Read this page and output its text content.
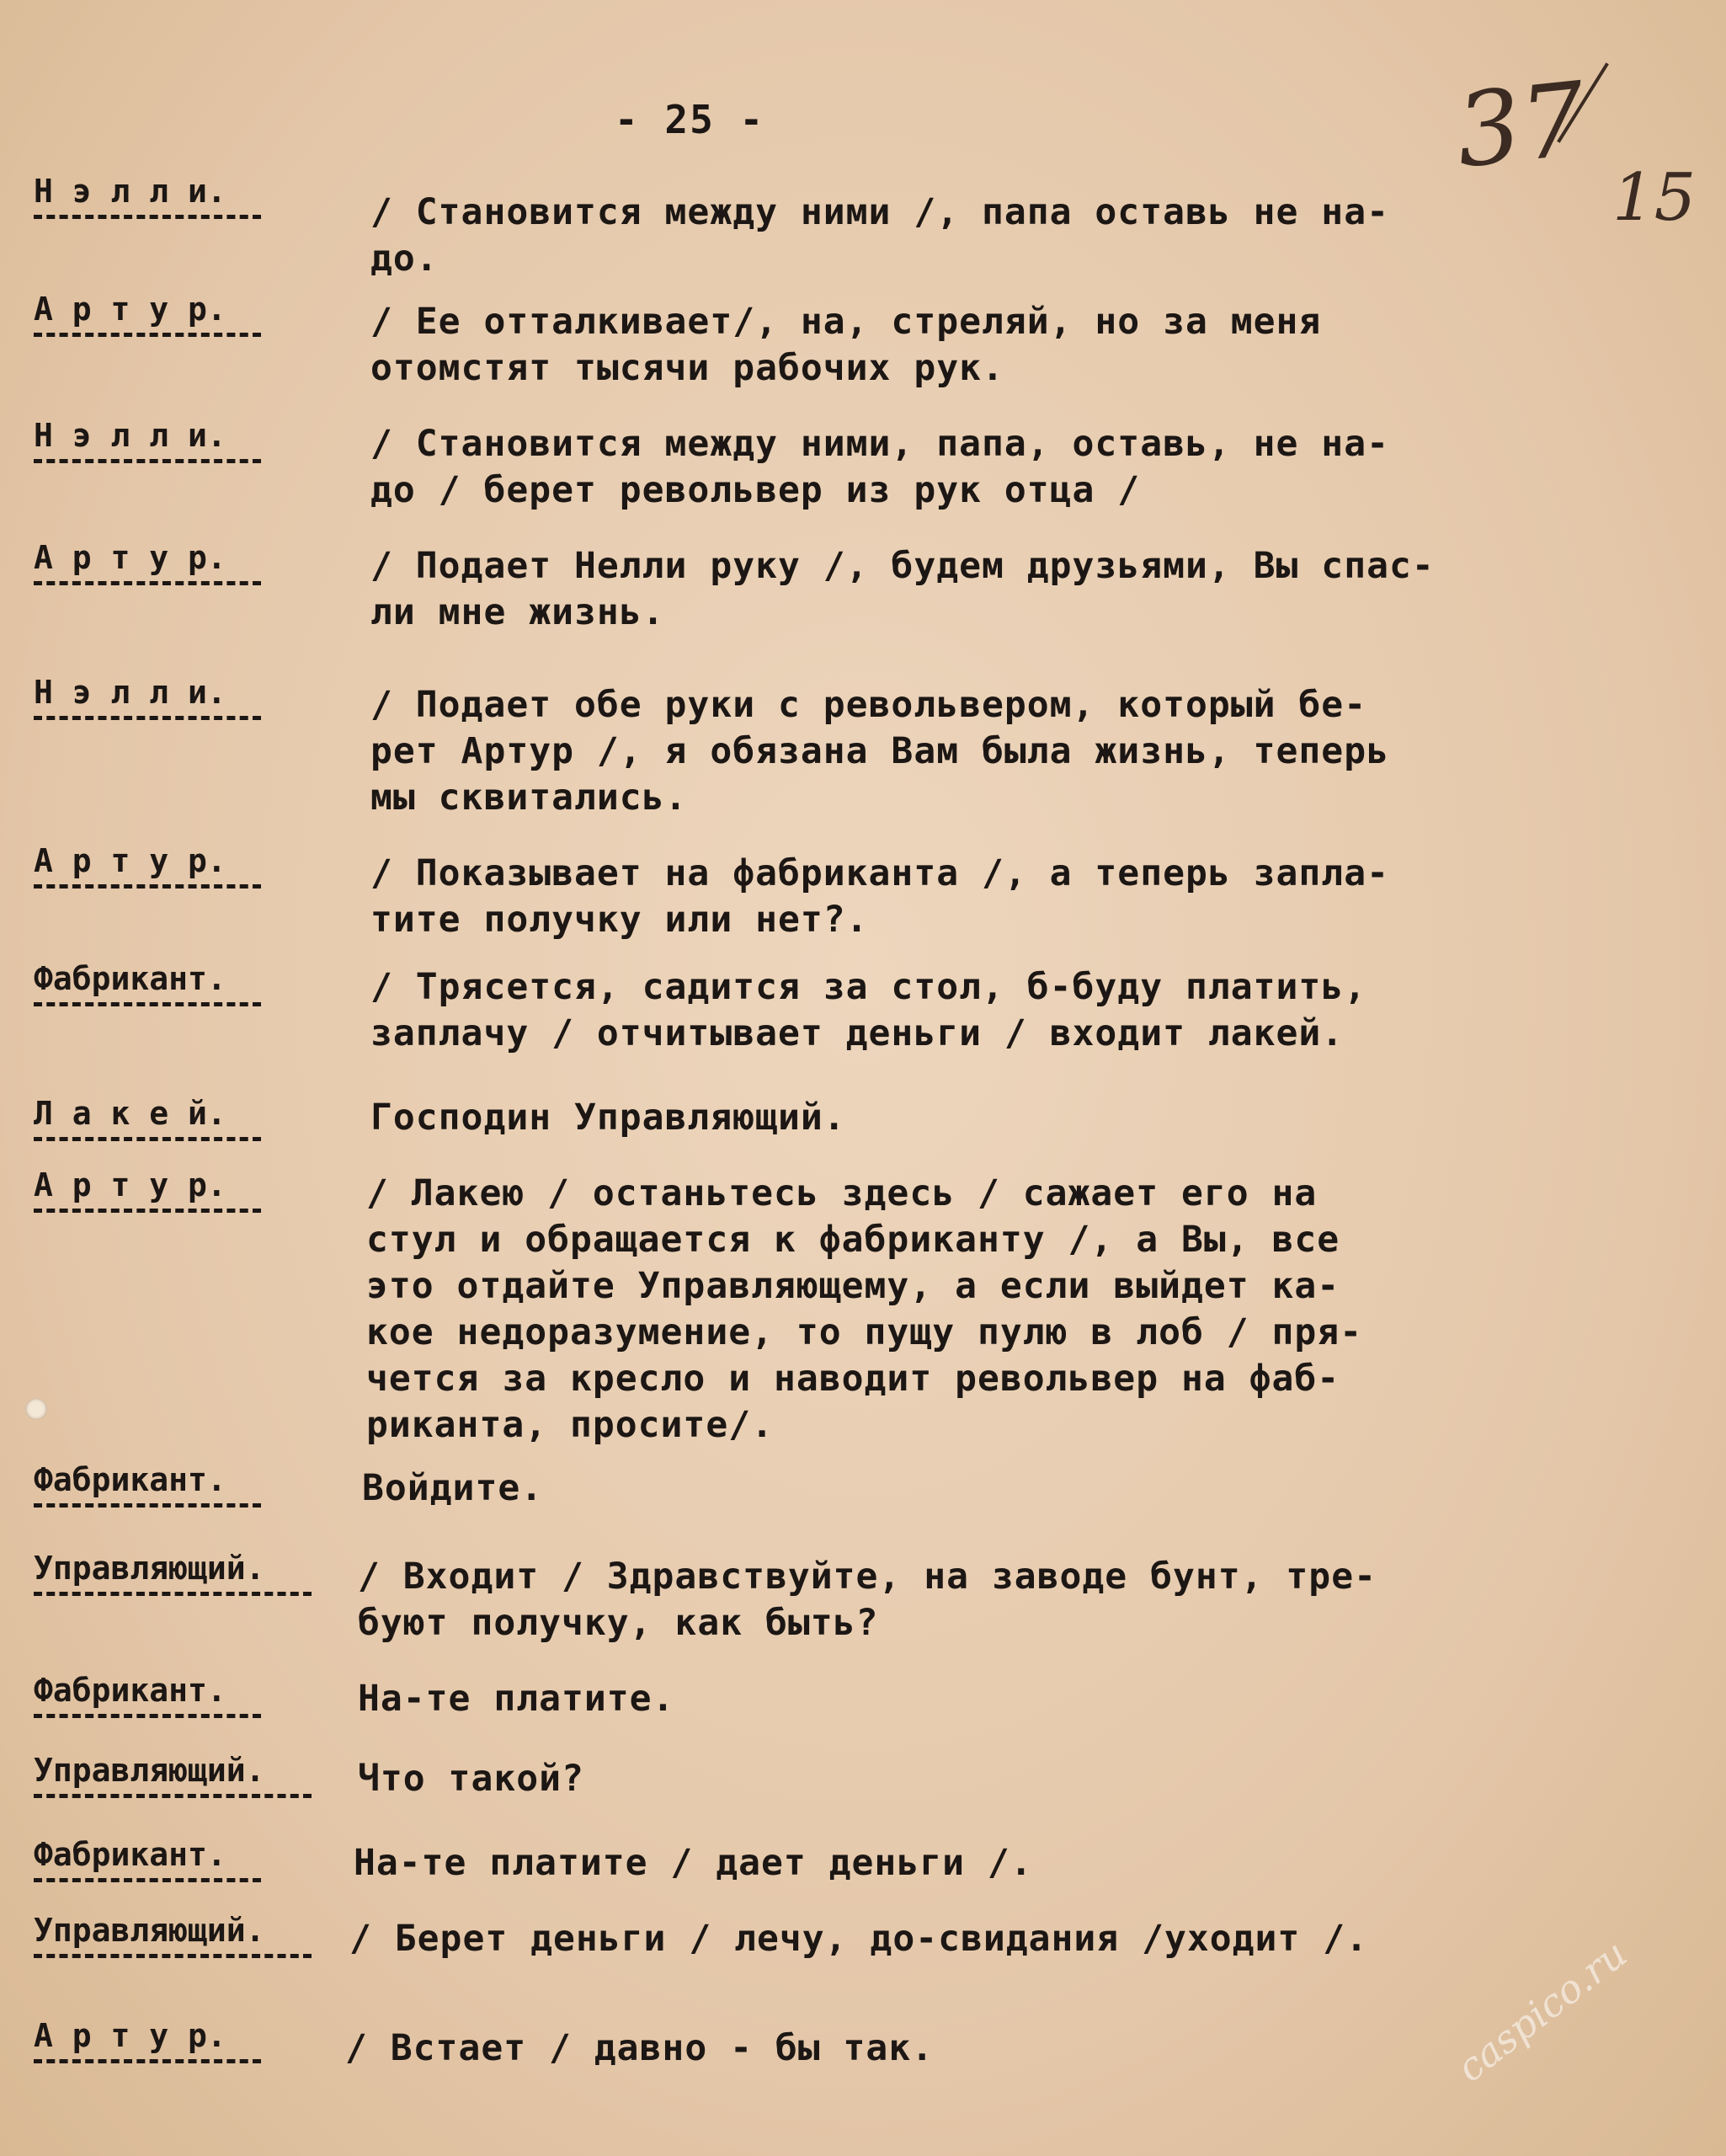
- 25 -	37
15
Н э л л и.	/ Становится между ними /, папа оставь не на-
до.
А р т у р.	/ Ее отталкивает/, на, стреляй, но за меня
отомстят тысячи рабочих рук.
Н э л л и.	/ Становится между ними, папа, оставь, не на-
до / берет револьвер из рук отца /
А р т у р.	/ Подает Нелли руку /, будем друзьями, Вы спас-
ли мне жизнь.
Н э л л и.	/ Подает обе руки с револьвером, который бе-
рет Артур /, я обязана Вам была жизнь, теперь
мы сквитались.
А р т у р.	/ Показывает на фабриканта /, а теперь запла-
тите получку или нет?.
Фабрикант.	/ Трясется, садится за стол, б-буду платить,
заплачу / отчитывает деньги / входит лакей.
Л а к е й.	Господин Управляющий.
А р т у р.	/ Лакею / останьтесь здесь / сажает его на
стул и обращается к фабриканту /, а Вы, все
это отдайте Управляющему, а если выйдет ка-
кое недоразумение, то пущу пулю в лоб / пря-
чется за кресло и наводит револьвер на фаб-
риканта, просите/.
Фабрикант.	Войдите.
Управляющий.	/ Входит / Здравствуйте, на заводе бунт, тре-
буют получку, как быть?
Фабрикант.	На-те платите.
Управляющий.	Что такой?
Фабрикант.	На-те платите / дает деньги /.
Управляющий.	/ Берет деньги / лечу, до-свидания /уходит /.
А р т у р.	/ Встает / давно - бы так.	caspico.ru
